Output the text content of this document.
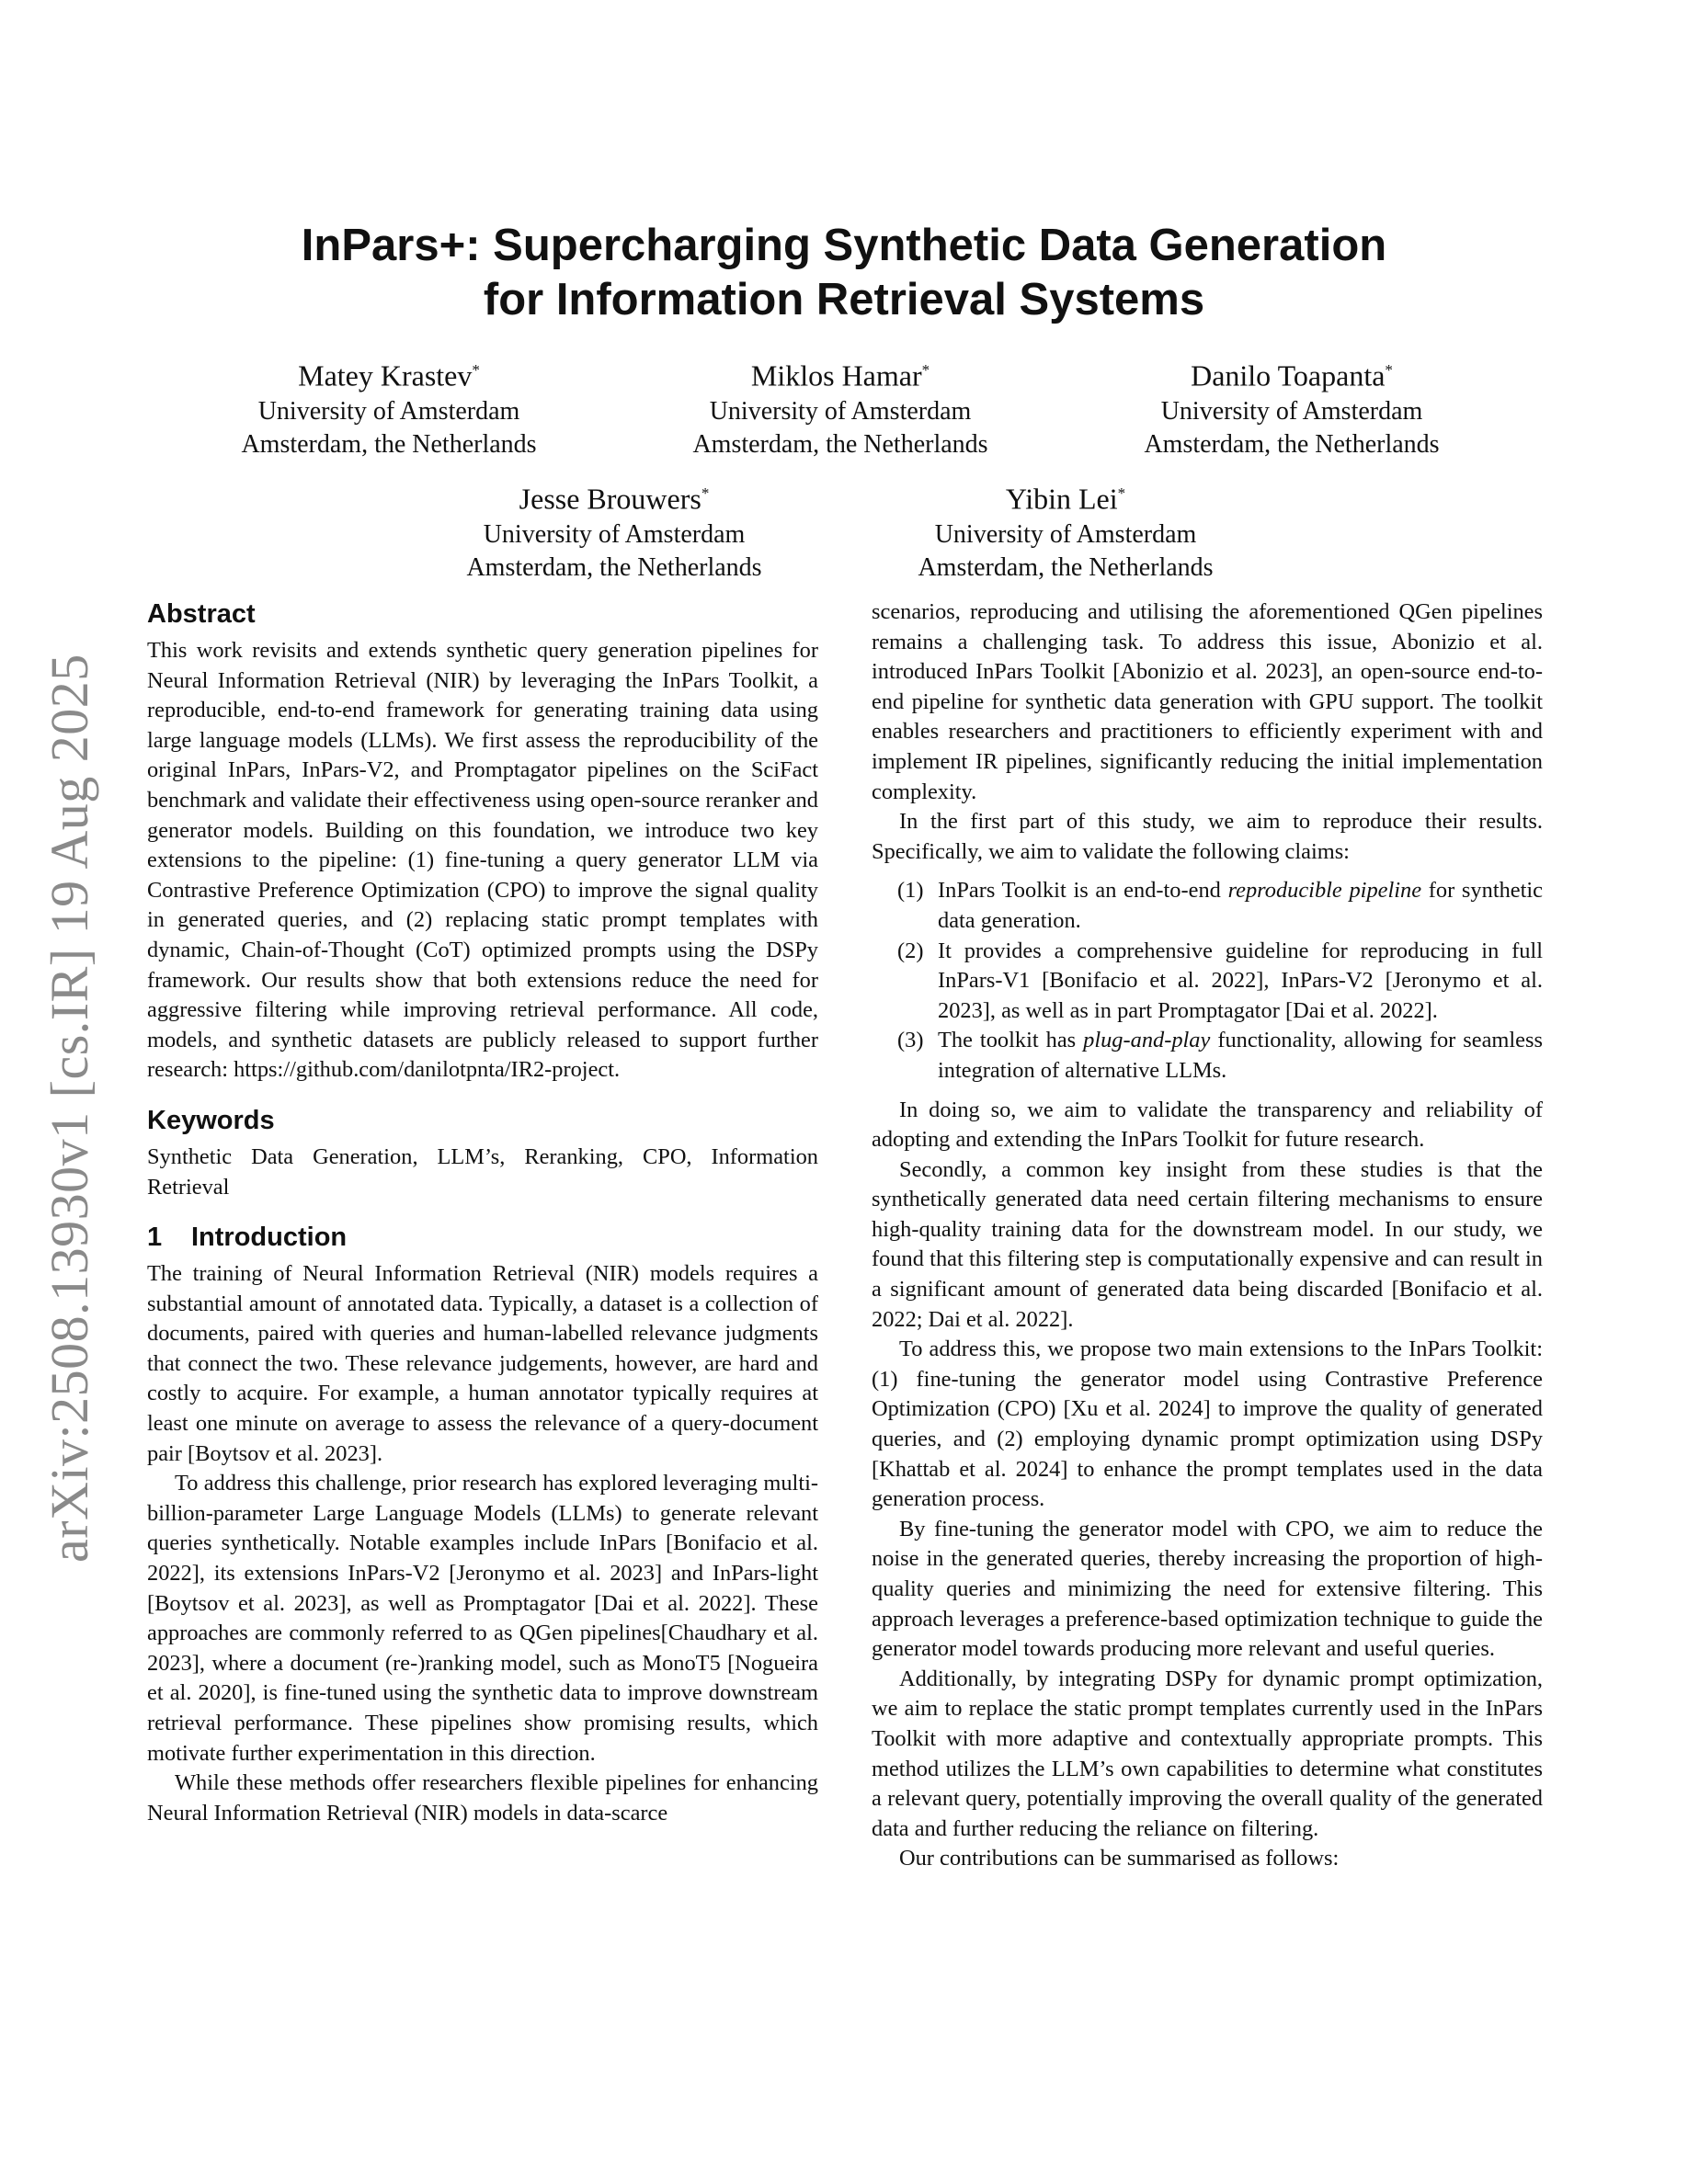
arXiv:2508.13930v1 [cs.IR] 19 Aug 2025
InPars+: Supercharging Synthetic Data Generation
for Information Retrieval Systems
Matey Krastev*
University of Amsterdam
Amsterdam, the Netherlands
Miklos Hamar*
University of Amsterdam
Amsterdam, the Netherlands
Danilo Toapanta*
University of Amsterdam
Amsterdam, the Netherlands
Jesse Brouwers*
University of Amsterdam
Amsterdam, the Netherlands
Yibin Lei*
University of Amsterdam
Amsterdam, the Netherlands
Abstract

This work revisits and extends synthetic query generation pipelines for Neural Information Retrieval (NIR) by leveraging the InPars Toolkit, a reproducible, end-to-end framework for generating training data using large language models (LLMs). We first assess the reproducibility of the original InPars, InPars-V2, and Promptagator pipelines on the SciFact benchmark and validate their effectiveness using open-source reranker and generator models. Building on this foundation, we introduce two key extensions to the pipeline: (1) fine-tuning a query generator LLM via Contrastive Preference Optimization (CPO) to improve the signal quality in generated queries, and (2) replacing static prompt templates with dynamic, Chain-of-Thought (CoT) optimized prompts using the DSPy framework. Our results show that both extensions reduce the need for aggressive filtering while improving retrieval performance. All code, models, and synthetic datasets are publicly released to support further research: https://github.com/danilotpnta/IR2-project.

Keywords

Synthetic Data Generation, LLM’s, Reranking, CPO, Information Retrieval

1 Introduction

The training of Neural Information Retrieval (NIR) models requires a substantial amount of annotated data. Typically, a dataset is a collection of documents, paired with queries and human-labelled relevance judgments that connect the two. These relevance judgements, however, are hard and costly to acquire. For example, a human annotator typically requires at least one minute on average to assess the relevance of a query-document pair [Boytsov et al. 2023].

To address this challenge, prior research has explored leveraging multi-billion-parameter Large Language Models (LLMs) to generate relevant queries synthetically. Notable examples include InPars [Bonifacio et al. 2022], its extensions InPars-V2 [Jeronymo et al. 2023] and InPars-light [Boytsov et al. 2023], as well as Promptagator [Dai et al. 2022]. These approaches are commonly referred to as QGen pipelines[Chaudhary et al. 2023], where a document (re-)ranking model, such as MonoT5 [Nogueira et al. 2020], is fine-tuned using the synthetic data to improve downstream retrieval performance. These pipelines show promising results, which motivate further experimentation in this direction.

While these methods offer researchers flexible pipelines for enhancing Neural Information Retrieval (NIR) models in data-scarce

scenarios, reproducing and utilising the aforementioned QGen pipelines remains a challenging task. To address this issue, Abonizio et al. introduced InPars Toolkit [Abonizio et al. 2023], an open-source end-to-end pipeline for synthetic data generation with GPU support. The toolkit enables researchers and practitioners to efficiently experiment with and implement IR pipelines, significantly reducing the initial implementation complexity.

In the first part of this study, we aim to reproduce their results. Specifically, we aim to validate the following claims:

(1) InPars Toolkit is an end-to-end reproducible pipeline for synthetic data generation.
(2) It provides a comprehensive guideline for reproducing in full InPars-V1 [Bonifacio et al. 2022], InPars-V2 [Jeronymo et al. 2023], as well as in part Promptagator [Dai et al. 2022].
(3) The toolkit has plug-and-play functionality, allowing for seamless integration of alternative LLMs.

In doing so, we aim to validate the transparency and reliability of adopting and extending the InPars Toolkit for future research.

Secondly, a common key insight from these studies is that the synthetically generated data need certain filtering mechanisms to ensure high-quality training data for the downstream model. In our study, we found that this filtering step is computationally expensive and can result in a significant amount of generated data being discarded [Bonifacio et al. 2022; Dai et al. 2022].

To address this, we propose two main extensions to the InPars Toolkit: (1) fine-tuning the generator model using Contrastive Preference Optimization (CPO) [Xu et al. 2024] to improve the quality of generated queries, and (2) employing dynamic prompt optimization using DSPy [Khattab et al. 2024] to enhance the prompt templates used in the data generation process.

By fine-tuning the generator model with CPO, we aim to reduce the noise in the generated queries, thereby increasing the proportion of high-quality queries and minimizing the need for extensive filtering. This approach leverages a preference-based optimization technique to guide the generator model towards producing more relevant and useful queries.

Additionally, by integrating DSPy for dynamic prompt optimization, we aim to replace the static prompt templates currently used in the InPars Toolkit with more adaptive and contextually appropriate prompts. This method utilizes the LLM’s own capabilities to determine what constitutes a relevant query, potentially improving the overall quality of the generated data and further reducing the reliance on filtering.

Our contributions can be summarised as follows:
